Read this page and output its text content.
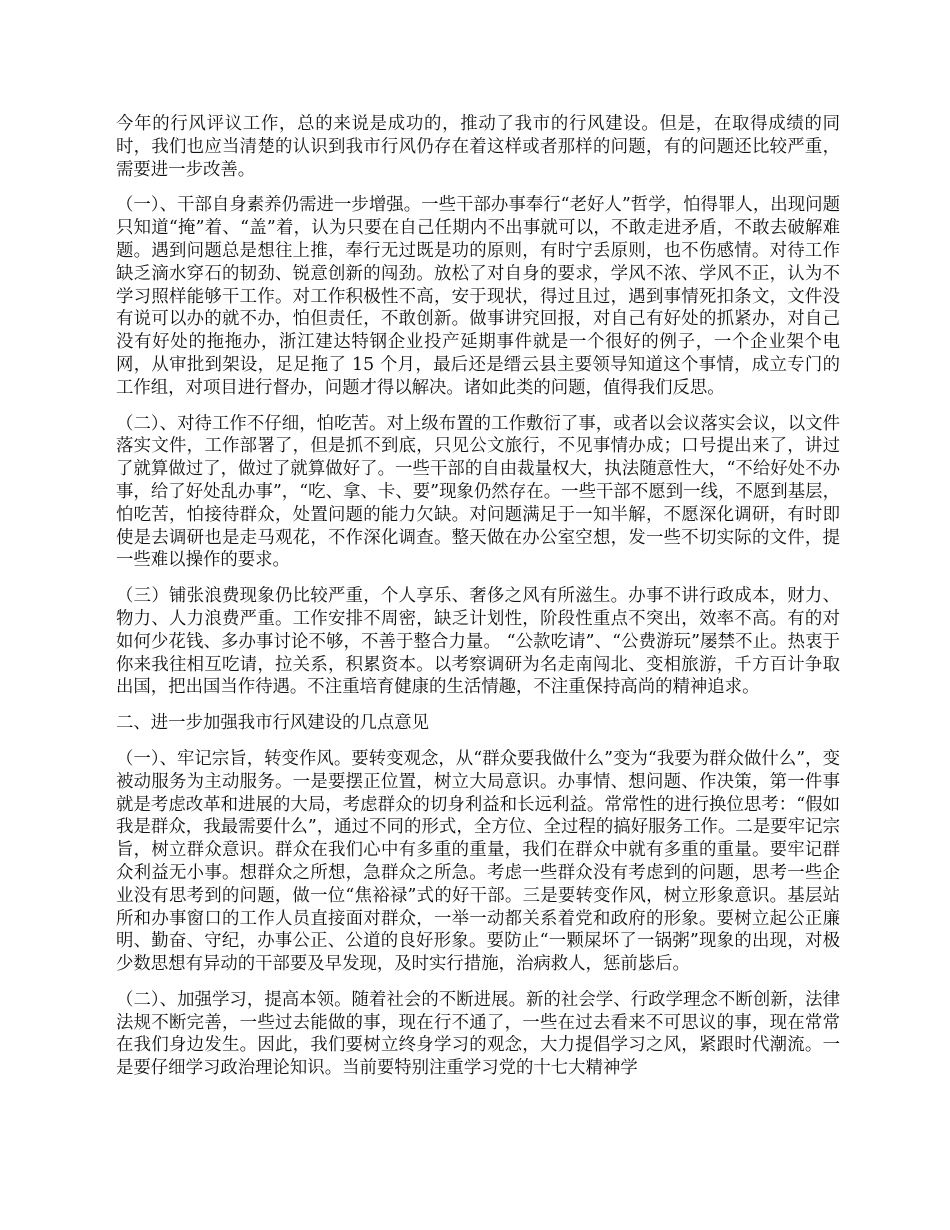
今年的行风评议工作，总的来说是成功的，推动了我市的行风建设。但是，在取得成绩的同时，我们也应当清楚的认识到我市行风仍存在着这样或者那样的问题，有的问题还比较严重，需要进一步改善。

（一）、干部自身素养仍需进一步增强。一些干部办事奉行“老好人”哲学，怕得罪人，出现问题只知道“掩”着、“盖”着，认为只要在自己任期内不出事就可以，不敢走进矛盾，不敢去破解难题。遇到问题总是想往上推，奉行无过既是功的原则，有时宁丢原则，也不伤感情。对待工作缺乏滴水穿石的韧劲、锐意创新的闯劲。放松了对自身的要求，学风不浓、学风不正，认为不学习照样能够干工作。对工作积极性不高，安于现状，得过且过，遇到事情死扣条文，文件没有说可以办的就不办，怕但责任，不敢创新。做事讲究回报，对自己有好处的抓紧办，对自己没有好处的拖拖办，浙江建达特钢企业投产延期事件就是一个很好的例子，一个企业架个电网，从审批到架设，足足拖了 15 个月，最后还是缙云县主要领导知道这个事情，成立专门的工作组，对项目进行督办，问题才得以解决。诸如此类的问题，值得我们反思。

（二）、对待工作不仔细，怕吃苦。对上级布置的工作敷衍了事，或者以会议落实会议，以文件落实文件，工作部署了，但是抓不到底，只见公文旅行，不见事情办成；口号提出来了，讲过了就算做过了，做过了就算做好了。一些干部的自由裁量权大，执法随意性大，“不给好处不办事，给了好处乱办事”，“吃、拿、卡、要”现象仍然存在。一些干部不愿到一线，不愿到基层，怕吃苦，怕接待群众，处置问题的能力欠缺。对问题满足于一知半解，不愿深化调研，有时即使是去调研也是走马观花，不作深化调查。整天做在办公室空想，发一些不切实际的文件，提一些难以操作的要求。

（三）铺张浪费现象仍比较严重，个人享乐、奢侈之风有所滋生。办事不讲行政成本，财力、物力、人力浪费严重。工作安排不周密，缺乏计划性，阶段性重点不突出，效率不高。有的对如何少花钱、多办事讨论不够，不善于整合力量。 “公款吃请”、“公费游玩”屡禁不止。热衷于你来我往相互吃请，拉关系，积累资本。以考察调研为名走南闯北、变相旅游，千方百计争取出国，把出国当作待遇。不注重培育健康的生活情趣，不注重保持高尚的精神追求。

二、进一步加强我市行风建设的几点意见

（一）、牢记宗旨，转变作风。要转变观念，从“群众要我做什么”变为“我要为群众做什么”，变被动服务为主动服务。一是要摆正位置，树立大局意识。办事情、想问题、作决策，第一件事就是考虑改革和进展的大局，考虑群众的切身利益和长远利益。常常性的进行换位思考：“假如我是群众，我最需要什么”，通过不同的形式，全方位、全过程的搞好服务工作。二是要牢记宗旨，树立群众意识。群众在我们心中有多重的重量，我们在群众中就有多重的重量。要牢记群众利益无小事。想群众之所想，急群众之所急。考虑一些群众没有考虑到的问题，思考一些企业没有思考到的问题，做一位“焦裕禄”式的好干部。三是要转变作风，树立形象意识。基层站所和办事窗口的工作人员直接面对群众，一举一动都关系着党和政府的形象。要树立起公正廉明、勤奋、守纪，办事公正、公道的良好形象。要防止“一颗屎坏了一锅粥”现象的出现，对极少数思想有异动的干部要及早发现，及时实行措施，治病救人，惩前毖后。

（二）、加强学习，提高本领。随着社会的不断进展。新的社会学、行政学理念不断创新，法律法规不断完善，一些过去能做的事，现在行不通了，一些在过去看来不可思议的事，现在常常在我们身边发生。因此，我们要树立终身学习的观念，大力提倡学习之风，紧跟时代潮流。一是要仔细学习政治理论知识。当前要特别注重学习党的十七大精神学
